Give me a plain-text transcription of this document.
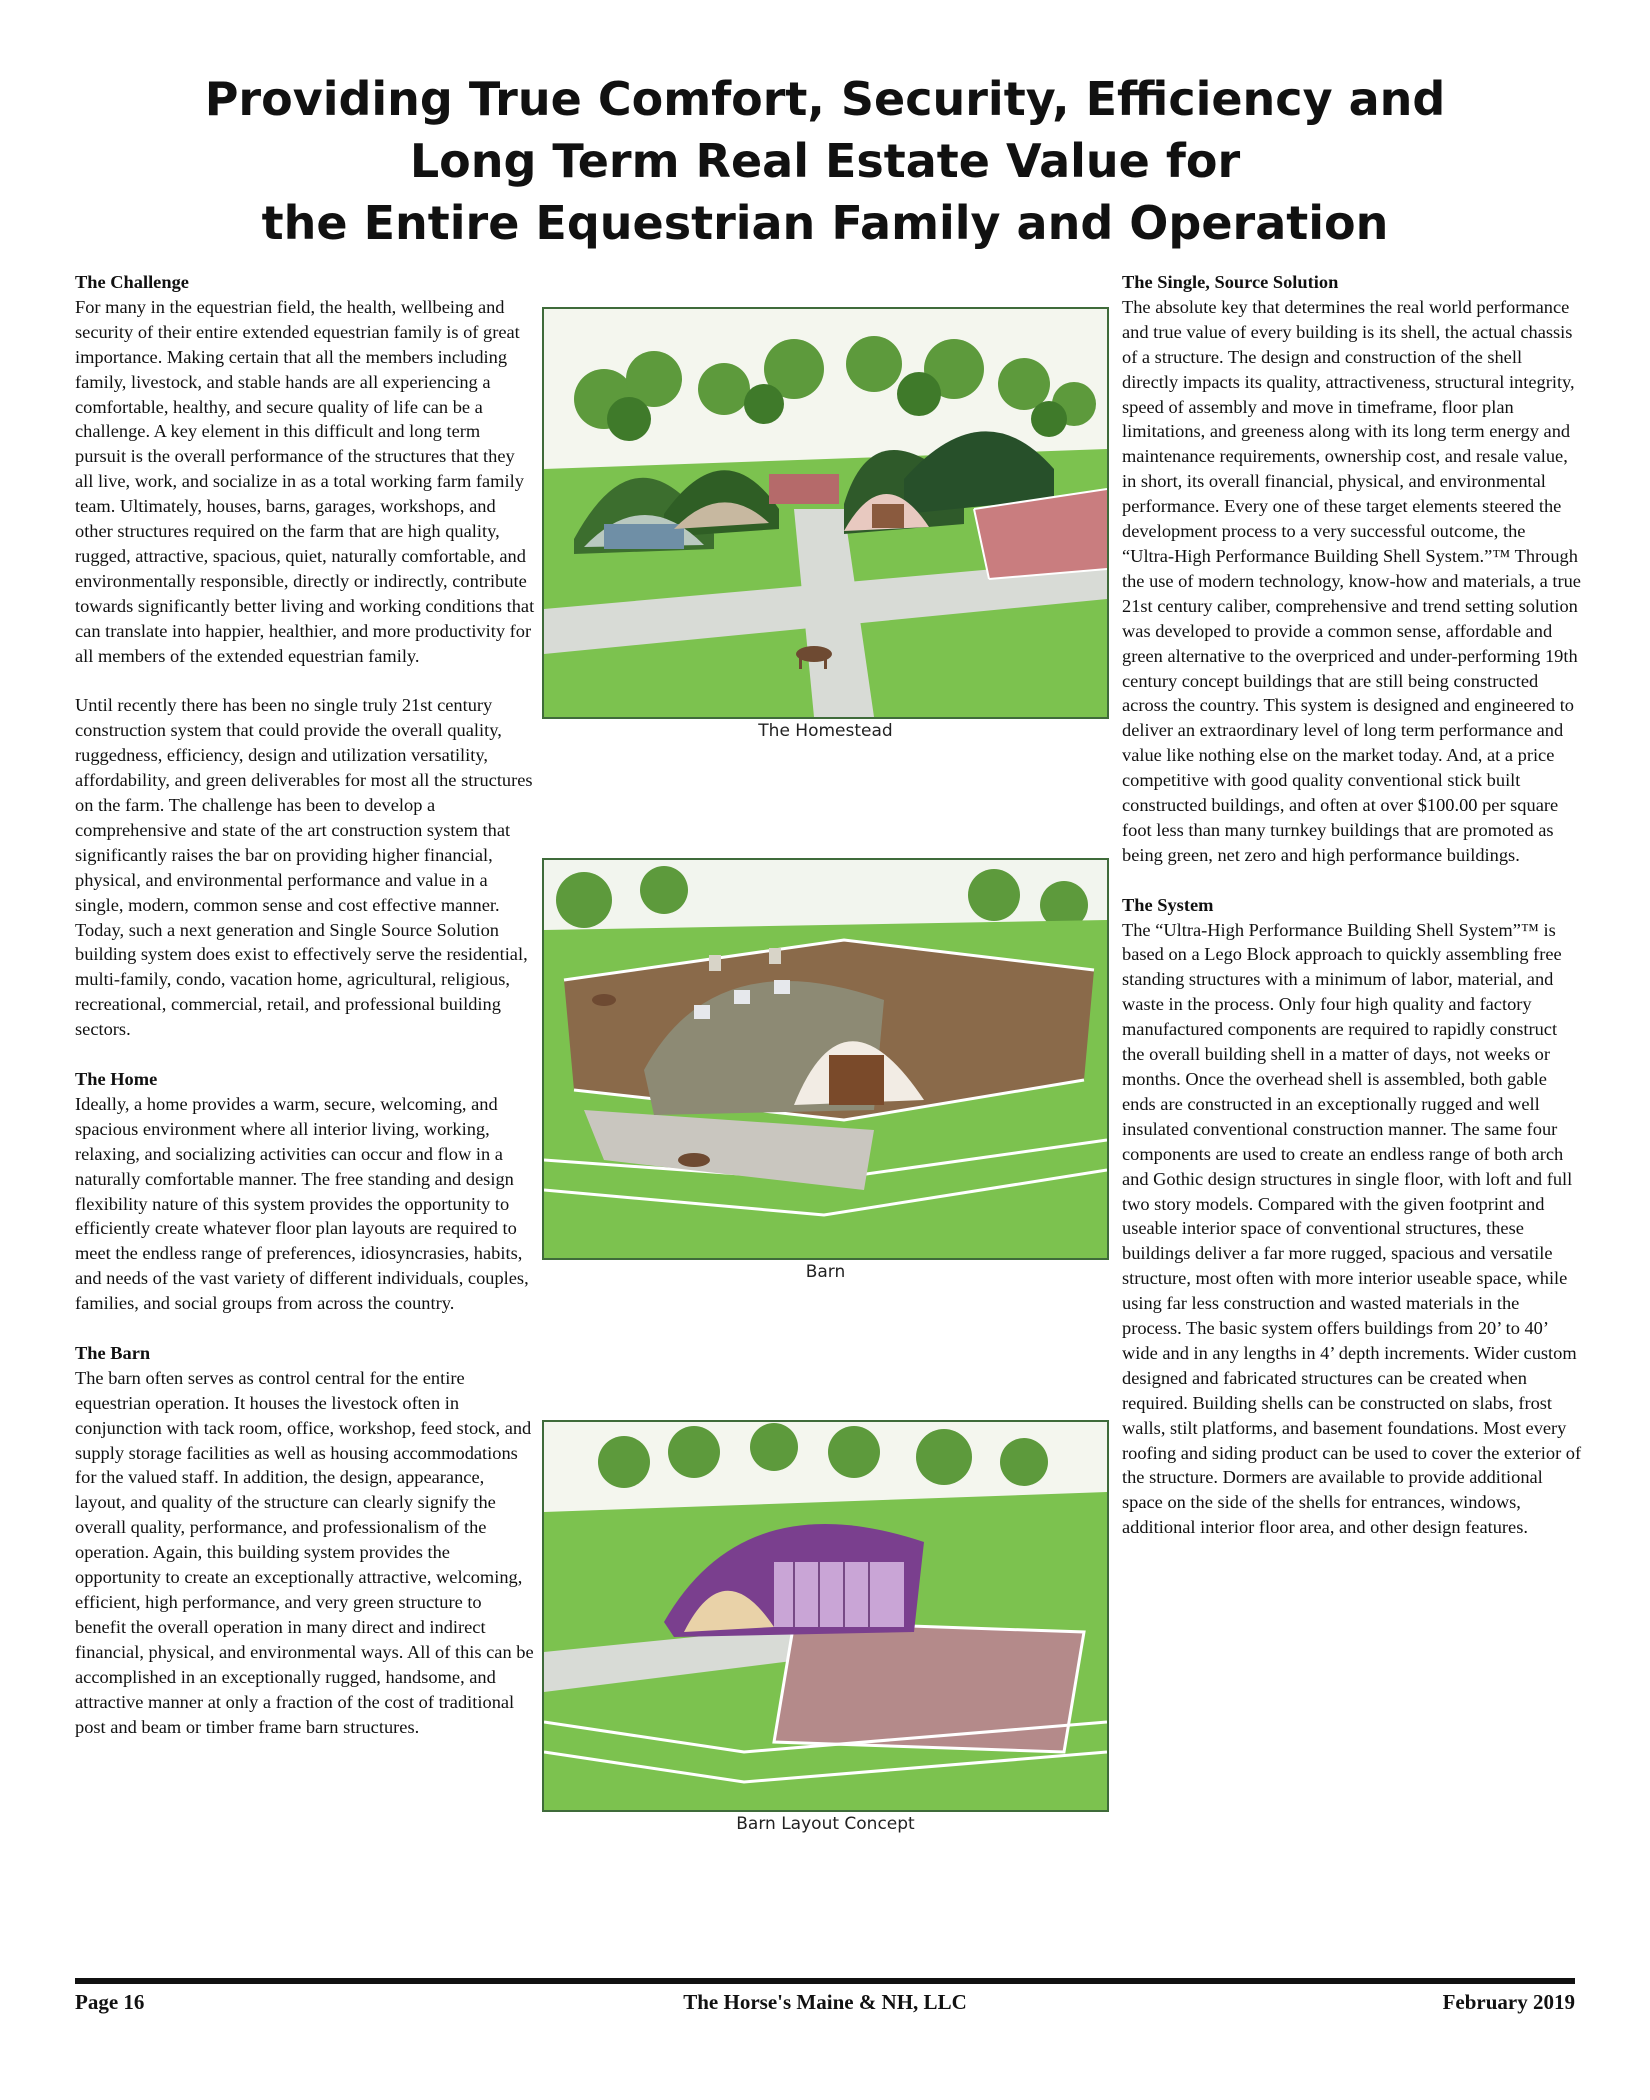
Providing True Comfort, Security, Efficiency and
Long Term Real Estate Value for
the Entire Equestrian Family and Operation
The Challenge

For many in the equestrian field, the health, wellbeing and security of their entire extended equestrian family is of great importance. Making certain that all the members including family, livestock, and stable hands are all experiencing a comfortable, healthy, and secure quality of life can be a challenge. A key element in this difficult and long term pursuit is the overall performance of the structures that they all live, work, and socialize in as a total working farm family team. Ultimately, houses, barns, garages, workshops, and other structures required on the farm that are high quality, rugged, attractive, spacious, quiet, naturally comfortable, and environmentally responsible, directly or indirectly, contribute towards significantly better living and working conditions that can translate into happier, healthier, and more productivity for all members of the extended equestrian family.

Until recently there has been no single truly 21st century construction system that could provide the overall quality, ruggedness, efficiency, design and utilization versatility, affordability, and green deliverables for most all the structures on the farm. The challenge has been to develop a comprehensive and state of the art construction system that significantly raises the bar on providing higher financial, physical, and environmental performance and value in a single, modern, common sense and cost effective manner. Today, such a next generation and Single Source Solution building system does exist to effectively serve the residential, multi-family, condo, vacation home, agricultural, religious, recreational, commercial, retail, and professional building sectors.

The Home

Ideally, a home provides a warm, secure, welcoming, and spacious environment where all interior living, working, relaxing, and socializing activities can occur and flow in a naturally comfortable manner. The free standing and design flexibility nature of this system provides the opportunity to efficiently create whatever floor plan layouts are required to meet the endless range of preferences, idiosyncrasies, habits, and needs of the vast variety of different individuals, couples, families, and social groups from across the country.

The Barn

The barn often serves as control central for the entire equestrian operation. It houses the livestock often in conjunction with tack room, office, workshop, feed stock, and supply storage facilities as well as housing accommodations for the valued staff. In addition, the design, appearance, layout, and quality of the structure can clearly signify the overall quality, performance, and professionalism of the operation. Again, this building system provides the opportunity to create an exceptionally attractive, welcoming, efficient, high performance, and very green structure to benefit the overall operation in many direct and indirect financial, physical, and environmental ways. All of this can be accomplished in an exceptionally rugged, handsome, and attractive manner at only a fraction of the cost of traditional post and beam or timber frame barn structures.

The Single, Source Solution

The absolute key that determines the real world performance and true value of every building is its shell, the actual chassis of a structure. The design and construction of the shell directly impacts its quality, attractiveness, structural integrity, speed of assembly and move in timeframe, floor plan limitations, and greeness along with its long term energy and maintenance requirements, ownership cost, and resale value, in short, its overall financial, physical, and environmental performance. Every one of these target elements steered the development process to a very successful outcome, the “Ultra-High Performance Building Shell System.”™ Through the use of modern technology, know-how and materials, a true 21st century caliber, comprehensive and trend setting solution was developed to provide a common sense, affordable and green alternative to the overpriced and under-performing 19th century concept buildings that are still being constructed across the country. This system is designed and engineered to deliver an extraordinary level of long term performance and value like nothing else on the market today. And, at a price competitive with good quality conventional stick built constructed buildings, and often at over $100.00 per square foot less than many turnkey buildings that are promoted as being green, net zero and high performance buildings.

The System

The “Ultra-High Performance Building Shell System”™ is based on a Lego Block approach to quickly assembling free standing structures with a minimum of labor, material, and waste in the process. Only four high quality and factory manufactured components are required to rapidly construct the overall building shell in a matter of days, not weeks or months. Once the overhead shell is assembled, both gable ends are constructed in an exceptionally rugged and well insulated conventional construction manner. The same four components are used to create an endless range of both arch and Gothic design structures in single floor, with loft and full two story models. Compared with the given footprint and useable interior space of conventional structures, these buildings deliver a far more rugged, spacious and versatile structure, most often with more interior useable space, while using far less construction and wasted materials in the process. The basic system offers buildings from 20’ to 40’ wide and in any lengths in 4’ depth increments. Wider custom designed and fabricated structures can be created when required. Building shells can be constructed on slabs, frost walls, stilt platforms, and basement foundations. Most every roofing and siding product can be used to cover the exterior of the structure. Dormers are available to provide additional space on the side of the shells for entrances, windows, additional interior floor area, and other design features.

The Homestead
Barn
Barn Layout Concept
Page 16	The Horse's Maine & NH, LLC	February 2019
